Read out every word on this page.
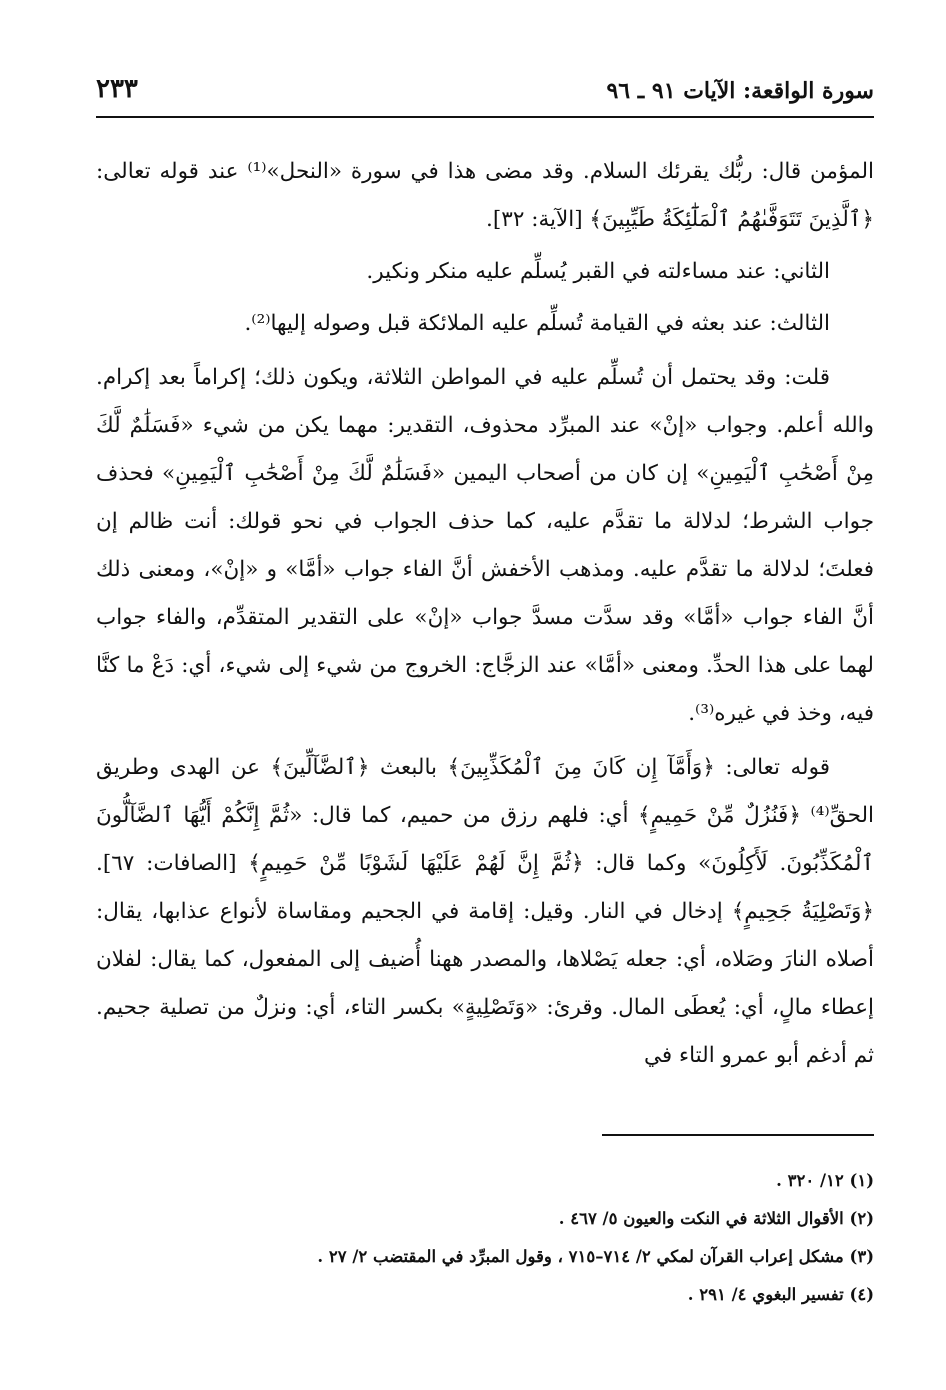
سورة الواقعة: الآيات ٩١ ـ ٩٦
٢٣٣

المؤمن قال: ربُّك يقرئك السلام. وقد مضى هذا في سورة «النحل»⁽¹⁾ عند قوله تعالى: ﴿ٱلَّذِينَ تَتَوَفَّىٰهُمُ ٱلْمَلَٰٓئِكَةُ طَيِّبِينَ﴾ [الآية: ٣٢].

الثاني: عند مساءلته في القبر يُسلِّم عليه منكر ونكير.

الثالث: عند بعثه في القيامة تُسلِّم عليه الملائكة قبل وصوله إليها⁽²⁾.

قلت: وقد يحتمل أن تُسلِّم عليه في المواطن الثلاثة، ويكون ذلك؛ إكراماً بعد إكرام. والله أعلم. وجواب «إنْ» عند المبرِّد محذوف، التقدير: مهما يكن من شيء «فَسَلَٰمٌ لَّكَ مِنْ أَصْحَٰبِ ٱلْيَمِينِ» إن كان من أصحاب اليمين «فَسَلَٰمٌ لَّكَ مِنْ أَصْحَٰبِ ٱلْيَمِينِ» فحذف جواب الشرط؛ لدلالة ما تقدَّم عليه، كما حذف الجواب في نحو قولك: أنت ظالم إن فعلتَ؛ لدلالة ما تقدَّم عليه. ومذهب الأخفش أنَّ الفاء جواب «أمَّا» و «إنْ»، ومعنى ذلك أنَّ الفاء جواب «أمَّا» وقد سدَّت مسدَّ جواب «إنْ» على التقدير المتقدِّم، والفاء جواب لهما على هذا الحدِّ. ومعنى «أمَّا» عند الزجَّاج: الخروج من شيء إلى شيء، أي: دَعْ ما كنَّا فيه، وخذ في غيره⁽³⁾.

قوله تعالى: ﴿وَأَمَّآ إِن كَانَ مِنَ ٱلْمُكَذِّبِينَ﴾ بالبعث ﴿ٱلضَّآلِّينَ﴾ عن الهدى وطريق الحقِّ⁽⁴⁾ ﴿فَنُزُلٌ مِّنْ حَمِيمٍ﴾ أي: فلهم رزق من حميم، كما قال: «ثُمَّ إِنَّكُمْ أَيُّهَا ٱلضَّآلُّونَ ٱلْمُكَذِّبُونَ. لَأَكِلُونَ» وكما قال: ﴿ثُمَّ إِنَّ لَهُمْ عَلَيْهَا لَشَوْبًا مِّنْ حَمِيمٍ﴾ [الصافات: ٦٧]. ﴿وَتَصْلِيَةُ جَحِيمٍ﴾ إدخال في النار. وقيل: إقامة في الجحيم ومقاساة لأنواع عذابها، يقال: أصلاه النارَ وصَلاه، أي: جعله يَصْلاها، والمصدر ههنا أُضيف إلى المفعول، كما يقال: لفلان إعطاء مالٍ، أي: يُعطَى المال. وقرئ: «وَتَصْلِيةٍ» بكسر التاء، أي: ونزلٌ من تصلية جحيم. ثم أدغم أبو عمرو التاء في

(١) ١٢/ ٣٢٠ .
(٢) الأقوال الثلاثة في النكت والعيون ٥/ ٤٦٧ .
(٣) مشكل إعراب القرآن لمكي ٢/ ٧١٤–٧١٥ ، وقول المبرِّد في المقتضب ٢/ ٢٧ .
(٤) تفسير البغوي ٤/ ٢٩١ .
